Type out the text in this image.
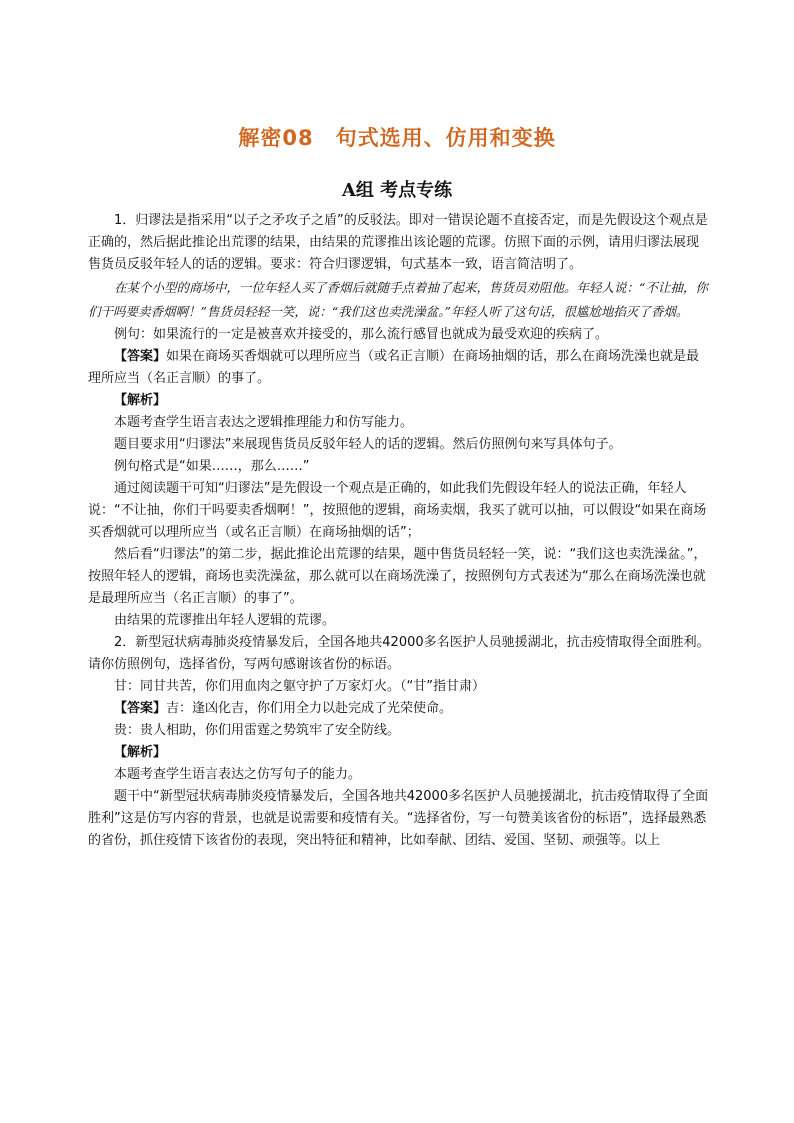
解密08　句式选用、仿用和变换
A组 考点专练

1．归谬法是指采用“以子之矛攻子之盾”的反驳法。即对一错误论题不直接否定，而是先假设这个观点是正确的，然后据此推论出荒谬的结果，由结果的荒谬推出该论题的荒谬。仿照下面的示例，请用归谬法展现售货员反驳年轻人的话的逻辑。要求：符合归谬逻辑，句式基本一致，语言简洁明了。

在某个小型的商场中，一位年轻人买了香烟后就随手点着抽了起来，售货员劝阻他。年轻人说：“不让抽，你们干吗要卖香烟啊！”售货员轻轻一笑，说：“我们这也卖洗澡盆。”年轻人听了这句话，很尴尬地掐灭了香烟。

例句：如果流行的一定是被喜欢并接受的，那么流行感冒也就成为最受欢迎的疾病了。

【答案】如果在商场买香烟就可以理所应当（或名正言顺）在商场抽烟的话，那么在商场洗澡也就是最理所应当（名正言顺）的事了。

【解析】

本题考查学生语言表达之逻辑推理能力和仿写能力。

题目要求用“归谬法”来展现售货员反驳年轻人的话的逻辑。然后仿照例句来写具体句子。

例句格式是“如果……，那么……”

通过阅读题干可知“归谬法”是先假设一个观点是正确的，如此我们先假设年轻人的说法正确，年轻人说：“不让抽，你们干吗要卖香烟啊！”，按照他的逻辑，商场卖烟，我买了就可以抽，可以假设“如果在商场买香烟就可以理所应当（或名正言顺）在商场抽烟的话”；

然后看“归谬法”的第二步，据此推论出荒谬的结果，题中售货员轻轻一笑，说：“我们这也卖洗澡盆。”，按照年轻人的逻辑，商场也卖洗澡盆，那么就可以在商场洗澡了，按照例句方式表述为“那么在商场洗澡也就是最理所应当（名正言顺）的事了”。

由结果的荒谬推出年轻人逻辑的荒谬。

2．新型冠状病毒肺炎疫情暴发后，全国各地共42000多名医护人员驰援湖北，抗击疫情取得全面胜利。请你仿照例句，选择省份，写两句感谢该省份的标语。

甘：同甘共苦，你们用血肉之躯守护了万家灯火。（“甘”指甘肃）

【答案】吉：逢凶化吉，你们用全力以赴完成了光荣使命。

贵：贵人相助，你们用雷霆之势筑牢了安全防线。

【解析】

本题考查学生语言表达之仿写句子的能力。

题干中“新型冠状病毒肺炎疫情暴发后，全国各地共42000多名医护人员驰援湖北，抗击疫情取得了全面胜利”这是仿写内容的背景，也就是说需要和疫情有关。“选择省份，写一句赞美该省份的标语”，选择最熟悉的省份，抓住疫情下该省份的表现，突出特征和精神，比如奉献、团结、爱国、坚韧、顽强等。以上
